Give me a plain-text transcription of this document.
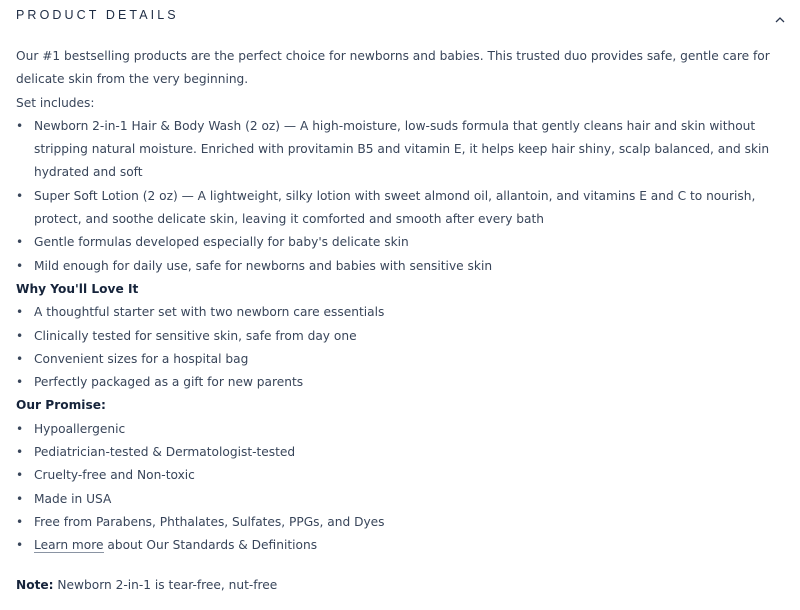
PRODUCT DETAILS

Our #1 bestselling products are the perfect choice for newborns and babies. This trusted duo provides safe, gentle care for delicate skin from the very beginning.

Set includes:

• Newborn 2-in-1 Hair & Body Wash (2 oz) — A high-moisture, low-suds formula that gently cleans hair and skin without stripping natural moisture. Enriched with provitamin B5 and vitamin E, it helps keep hair shiny, scalp balanced, and skin hydrated and soft
• Super Soft Lotion (2 oz) — A lightweight, silky lotion with sweet almond oil, allantoin, and vitamins E and C to nourish, protect, and soothe delicate skin, leaving it comforted and smooth after every bath
• Gentle formulas developed especially for baby's delicate skin
• Mild enough for daily use, safe for newborns and babies with sensitive skin

Why You'll Love It

• A thoughtful starter set with two newborn care essentials
• Clinically tested for sensitive skin, safe from day one
• Convenient sizes for a hospital bag
• Perfectly packaged as a gift for new parents

Our Promise:

• Hypoallergenic
• Pediatrician-tested & Dermatologist-tested
• Cruelty-free and Non-toxic
• Made in USA
• Free from Parabens, Phthalates, Sulfates, PPGs, and Dyes
• Learn more about Our Standards & Definitions
Note: Newborn 2-in-1 is tear-free, nut-free
